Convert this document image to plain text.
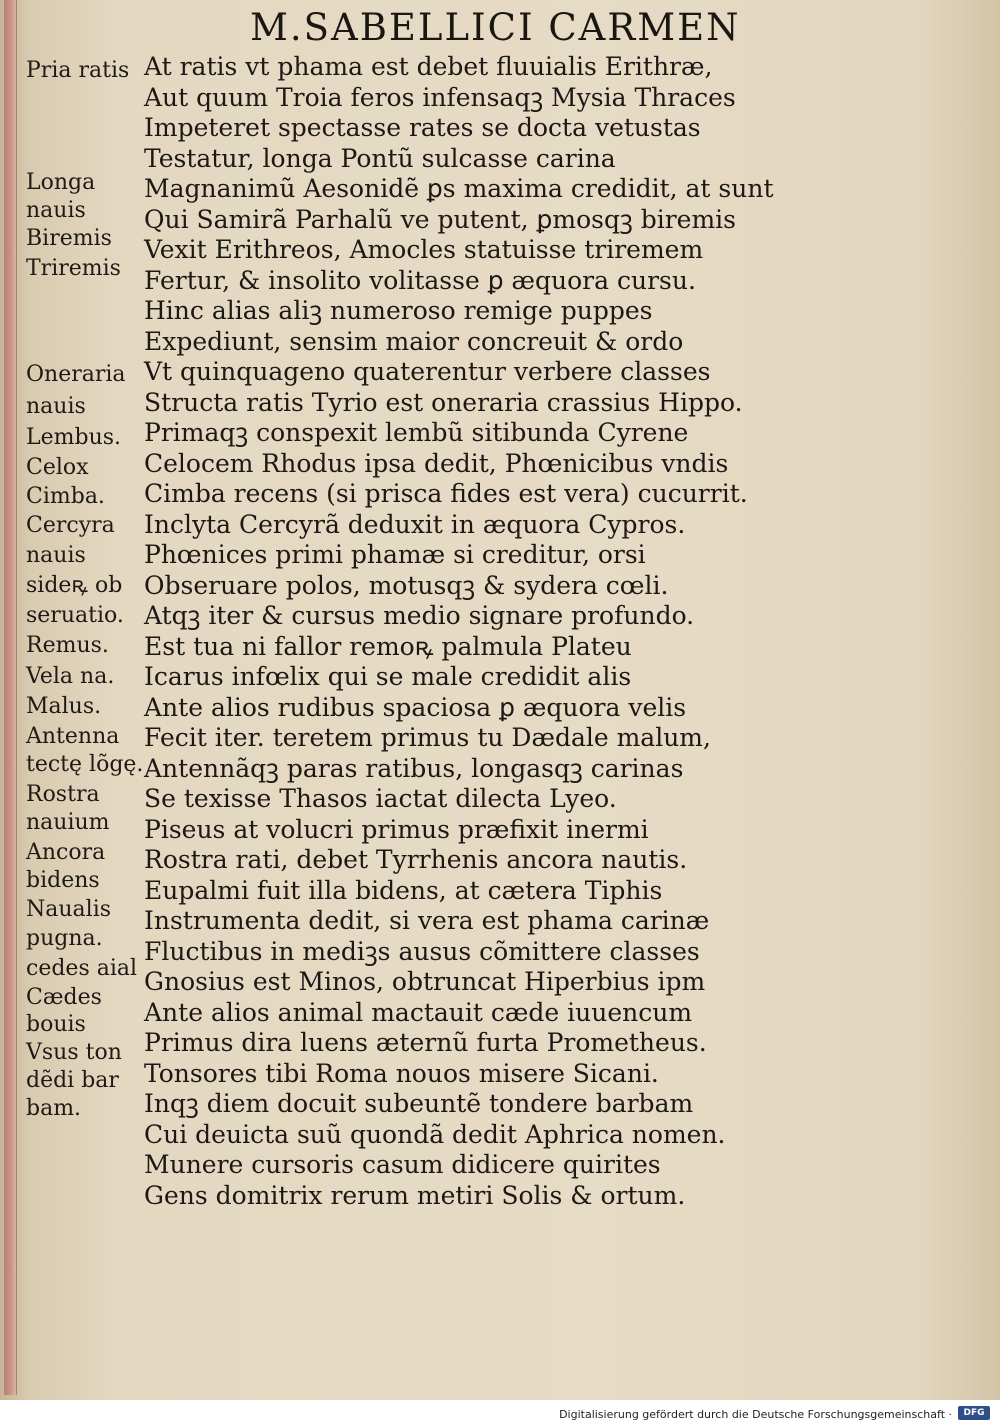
M.SABELLICI CARMEN
Pria ratis
Longa
nauis
Biremis
Triremis
Oneraria
nauis
Lembus.
Celox
Cimba.
Cercyra
nauis
sideꝶ ob
seruatio.
Remus.
Vela na.
Malus.
Antenna
tectę lõgę.
Rostra
nauium
Ancora
bidens
Naualis
pugna.
cedes aial
Cædes
bouis
Vsus ton
dẽdi bar
bam.
At ratis vt phama est debet fluuialis Erithræ,
Aut quum Troia feros infensaqꝫ Mysia Thraces
Impeteret spectasse rates se docta vetustas
Testatur, longa Pontũ sulcasse carina
Magnanimũ Aesonidẽ ꝑs maxima credidit, at sunt
Qui Samirã Parhalũ ve putent, ꝑmosqꝫ biremis
Vexit Erithreos, Amocles statuisse triremem
Fertur, & insolito volitasse ꝑ æquora cursu.
Hinc alias aliꝫ numeroso remige puppes
Expediunt, sensim maior concreuit & ordo
Vt quinquageno quaterentur verbere classes
Structa ratis Tyrio est oneraria crassius Hippo.
Primaqꝫ conspexit lembũ sitibunda Cyrene
Celocem Rhodus ipsa dedit, Phœnicibus vndis
Cimba recens (si prisca fides est vera) cucurrit.
Inclyta Cercyrã deduxit in æquora Cypros.
Phœnices primi phamæ si creditur, orsi
Obseruare polos, motusqꝫ & sydera cœli.
Atqꝫ iter & cursus medio signare profundo.
Est tua ni fallor remoꝶ palmula Plateu
Icarus infœlix qui se male credidit alis
Ante alios rudibus spaciosa ꝑ æquora velis
Fecit iter. teretem primus tu Dædale malum,
Antennãqꝫ paras ratibus, longasqꝫ carinas
Se texisse Thasos iactat dilecta Lyeo.
Piseus at volucri primus præfixit inermi
Rostra rati, debet Tyrrhenis ancora nautis.
Eupalmi fuit illa bidens, at cætera Tiphis
Instrumenta dedit, si vera est phama carinæ
Fluctibus in mediꝫs ausus cõmittere classes
Gnosius est Minos, obtruncat Hiperbius ipm
Ante alios animal mactauit cæde iuuencum
Primus dira luens æternũ furta Prometheus.
Tonsores tibi Roma nouos misere Sicani.
Inqꝫ diem docuit subeuntẽ tondere barbam
Cui deuicta suũ quondã dedit Aphrica nomen.
Munere cursoris casum didicere quirites
Gens domitrix rerum metiri Solis & ortum.
Digitalisierung gefördert durch die Deutsche Forschungsgemeinschaft ·	DFG
